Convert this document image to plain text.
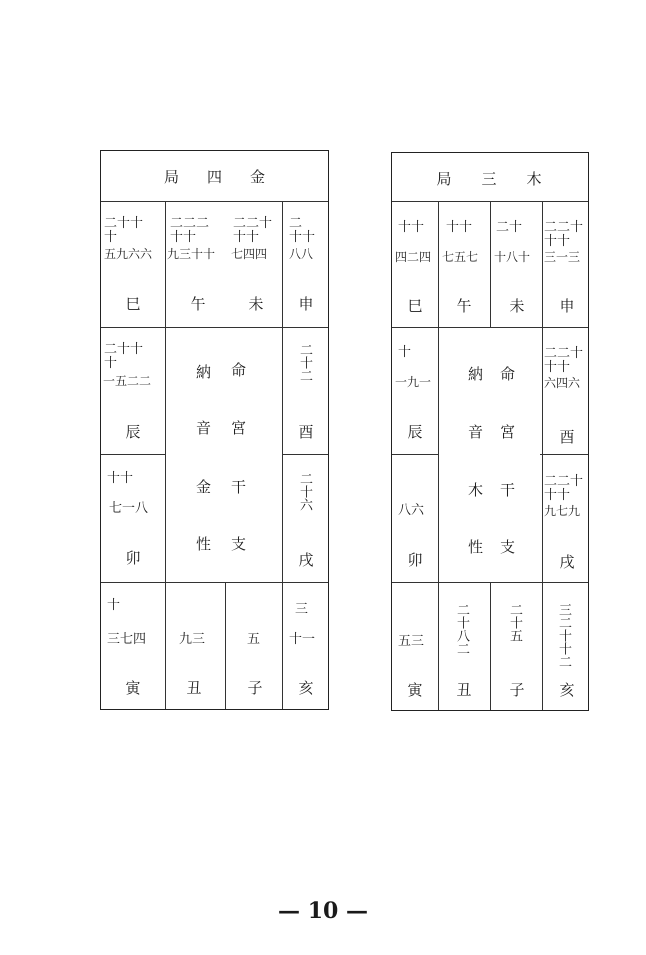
局 四 金
二十十
十
五九六六
巳
二二二
十十
九三十十
午
二二十
十十
七四四
未
二
十十
八八
申
二十十
十
一五二二
辰
十十
七一八
卯
二十二
酉
二十六
戌
命
納
宮
音
干
金
支
性
十
三七四
寅
九三
丑
五
子
三
十一
亥
局 三 木
十十
四二四
巳
十十
七五七
午
二十
十八十
未
二二十
十十
三一三
申
十
一九一
辰
八六
卯
二二十
十十
六四六
酉
二二十
十十
九七九
戌
命
納
宮
音
干
木
支
性
五三
寅
二十八二
丑
二十五
子
三二十十二
亥
— 10 —
